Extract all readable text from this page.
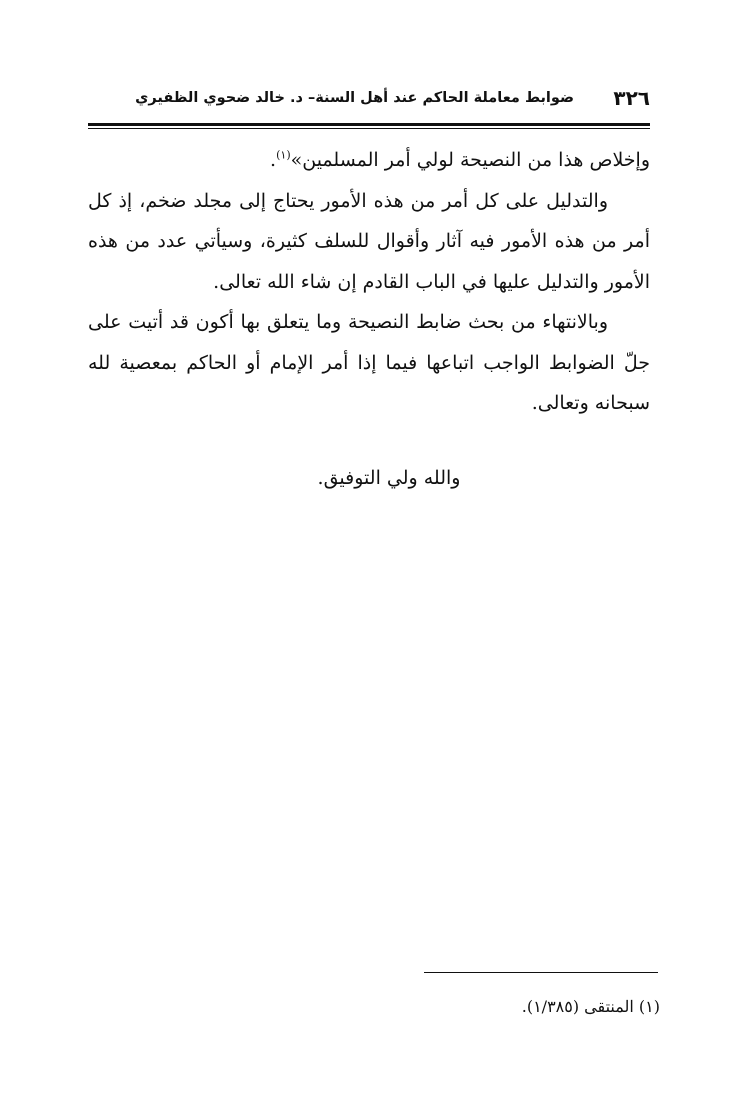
٣٢٦
ضوابط معاملة الحاكم عند أهل السنة– د. خالد ضحوي الظفيري

وإخلاص هذا من النصيحة لولي أمر المسلمين»$^{(١)}$.

والتدليل على كل أمر من هذه الأمور يحتاج إلى مجلد ضخم، إذ كل أمر من هذه الأمور فيه آثار وأقوال للسلف كثيرة، وسيأتي عدد من هذه الأمور والتدليل عليها في الباب القادم إن شاء الله تعالى.

وبالانتهاء من بحث ضابط النصيحة وما يتعلق بها أكون قد أتيت على جلّ الضوابط الواجب اتباعها فيما إذا أمر الإمام أو الحاكم بمعصية لله سبحانه وتعالى.

والله ولي التوفيق.
(١) المنتقى (١/٣٨٥).
